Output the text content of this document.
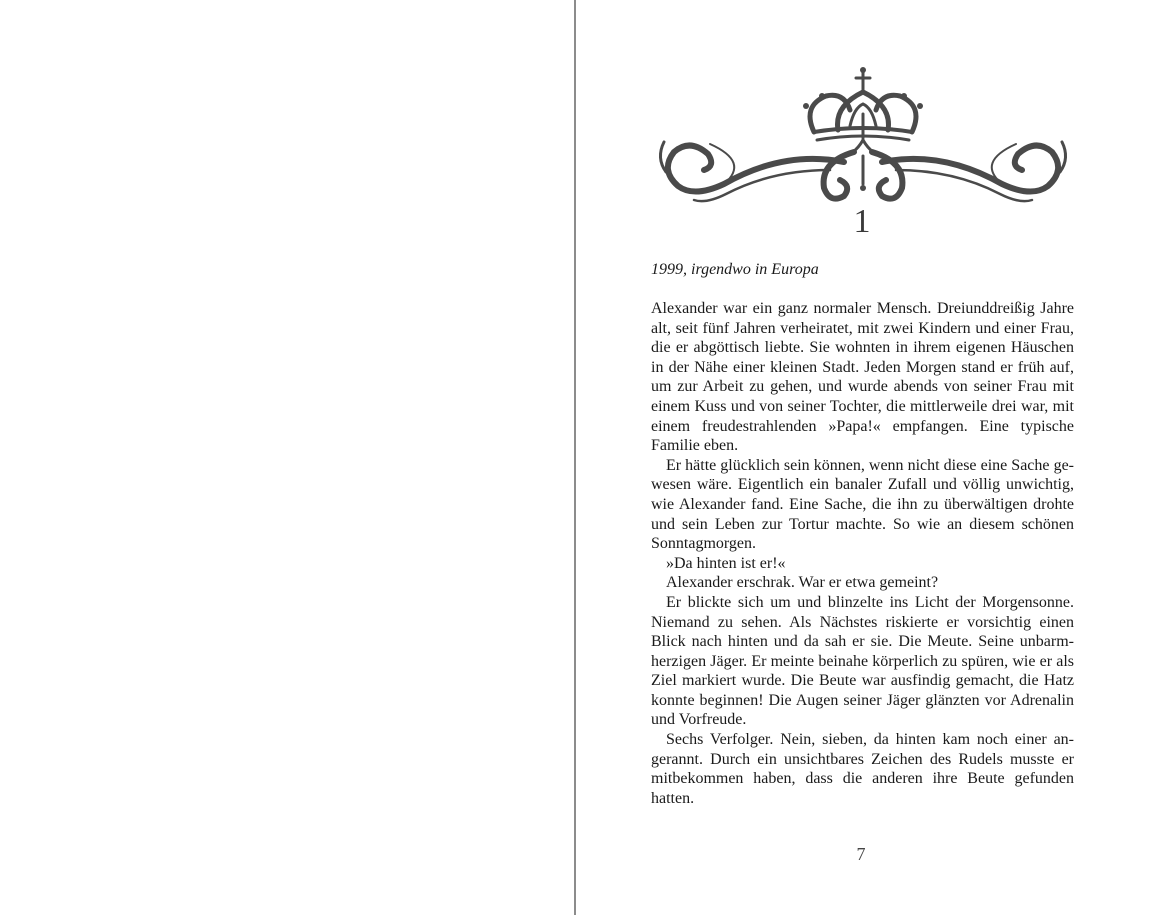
1
1999, irgendwo in Europa

Alexander war ein ganz normaler Mensch. Dreiunddreißig Jahre alt, seit fünf Jahren verheiratet, mit zwei Kindern und einer Frau, die er abgöttisch liebte. Sie wohnten in ihrem eigenen Häuschen in der Nähe einer kleinen Stadt. Jeden Morgen stand er früh auf, um zur Arbeit zu gehen, und wurde abends von seiner Frau mit einem Kuss und von seiner Tochter, die mittlerweile drei war, mit einem freudestrahlenden »Papa!« empfangen. Eine typische Familie eben.

Er hätte glücklich sein können, wenn nicht diese eine Sache gewesen wäre. Eigentlich ein banaler Zufall und völlig unwichtig, wie Alexander fand. Eine Sache, die ihn zu überwältigen drohte und sein Leben zur Tortur machte. So wie an diesem schönen Sonntagmorgen.

»Da hinten ist er!«

Alexander erschrak. War er etwa gemeint?

Er blickte sich um und blinzelte ins Licht der Morgensonne. Niemand zu sehen. Als Nächstes riskierte er vorsichtig einen Blick nach hinten und da sah er sie. Die Meute. Seine unbarmherzigen Jäger. Er meinte beinahe körperlich zu spüren, wie er als Ziel markiert wurde. Die Beute war ausfindig gemacht, die Hatz konnte beginnen! Die Augen seiner Jäger glänzten vor Adrenalin und Vorfreude.

Sechs Verfolger. Nein, sieben, da hinten kam noch einer angerannt. Durch ein unsichtbares Zeichen des Rudels musste er mitbekommen haben, dass die anderen ihre Beute gefunden hatten.

7
